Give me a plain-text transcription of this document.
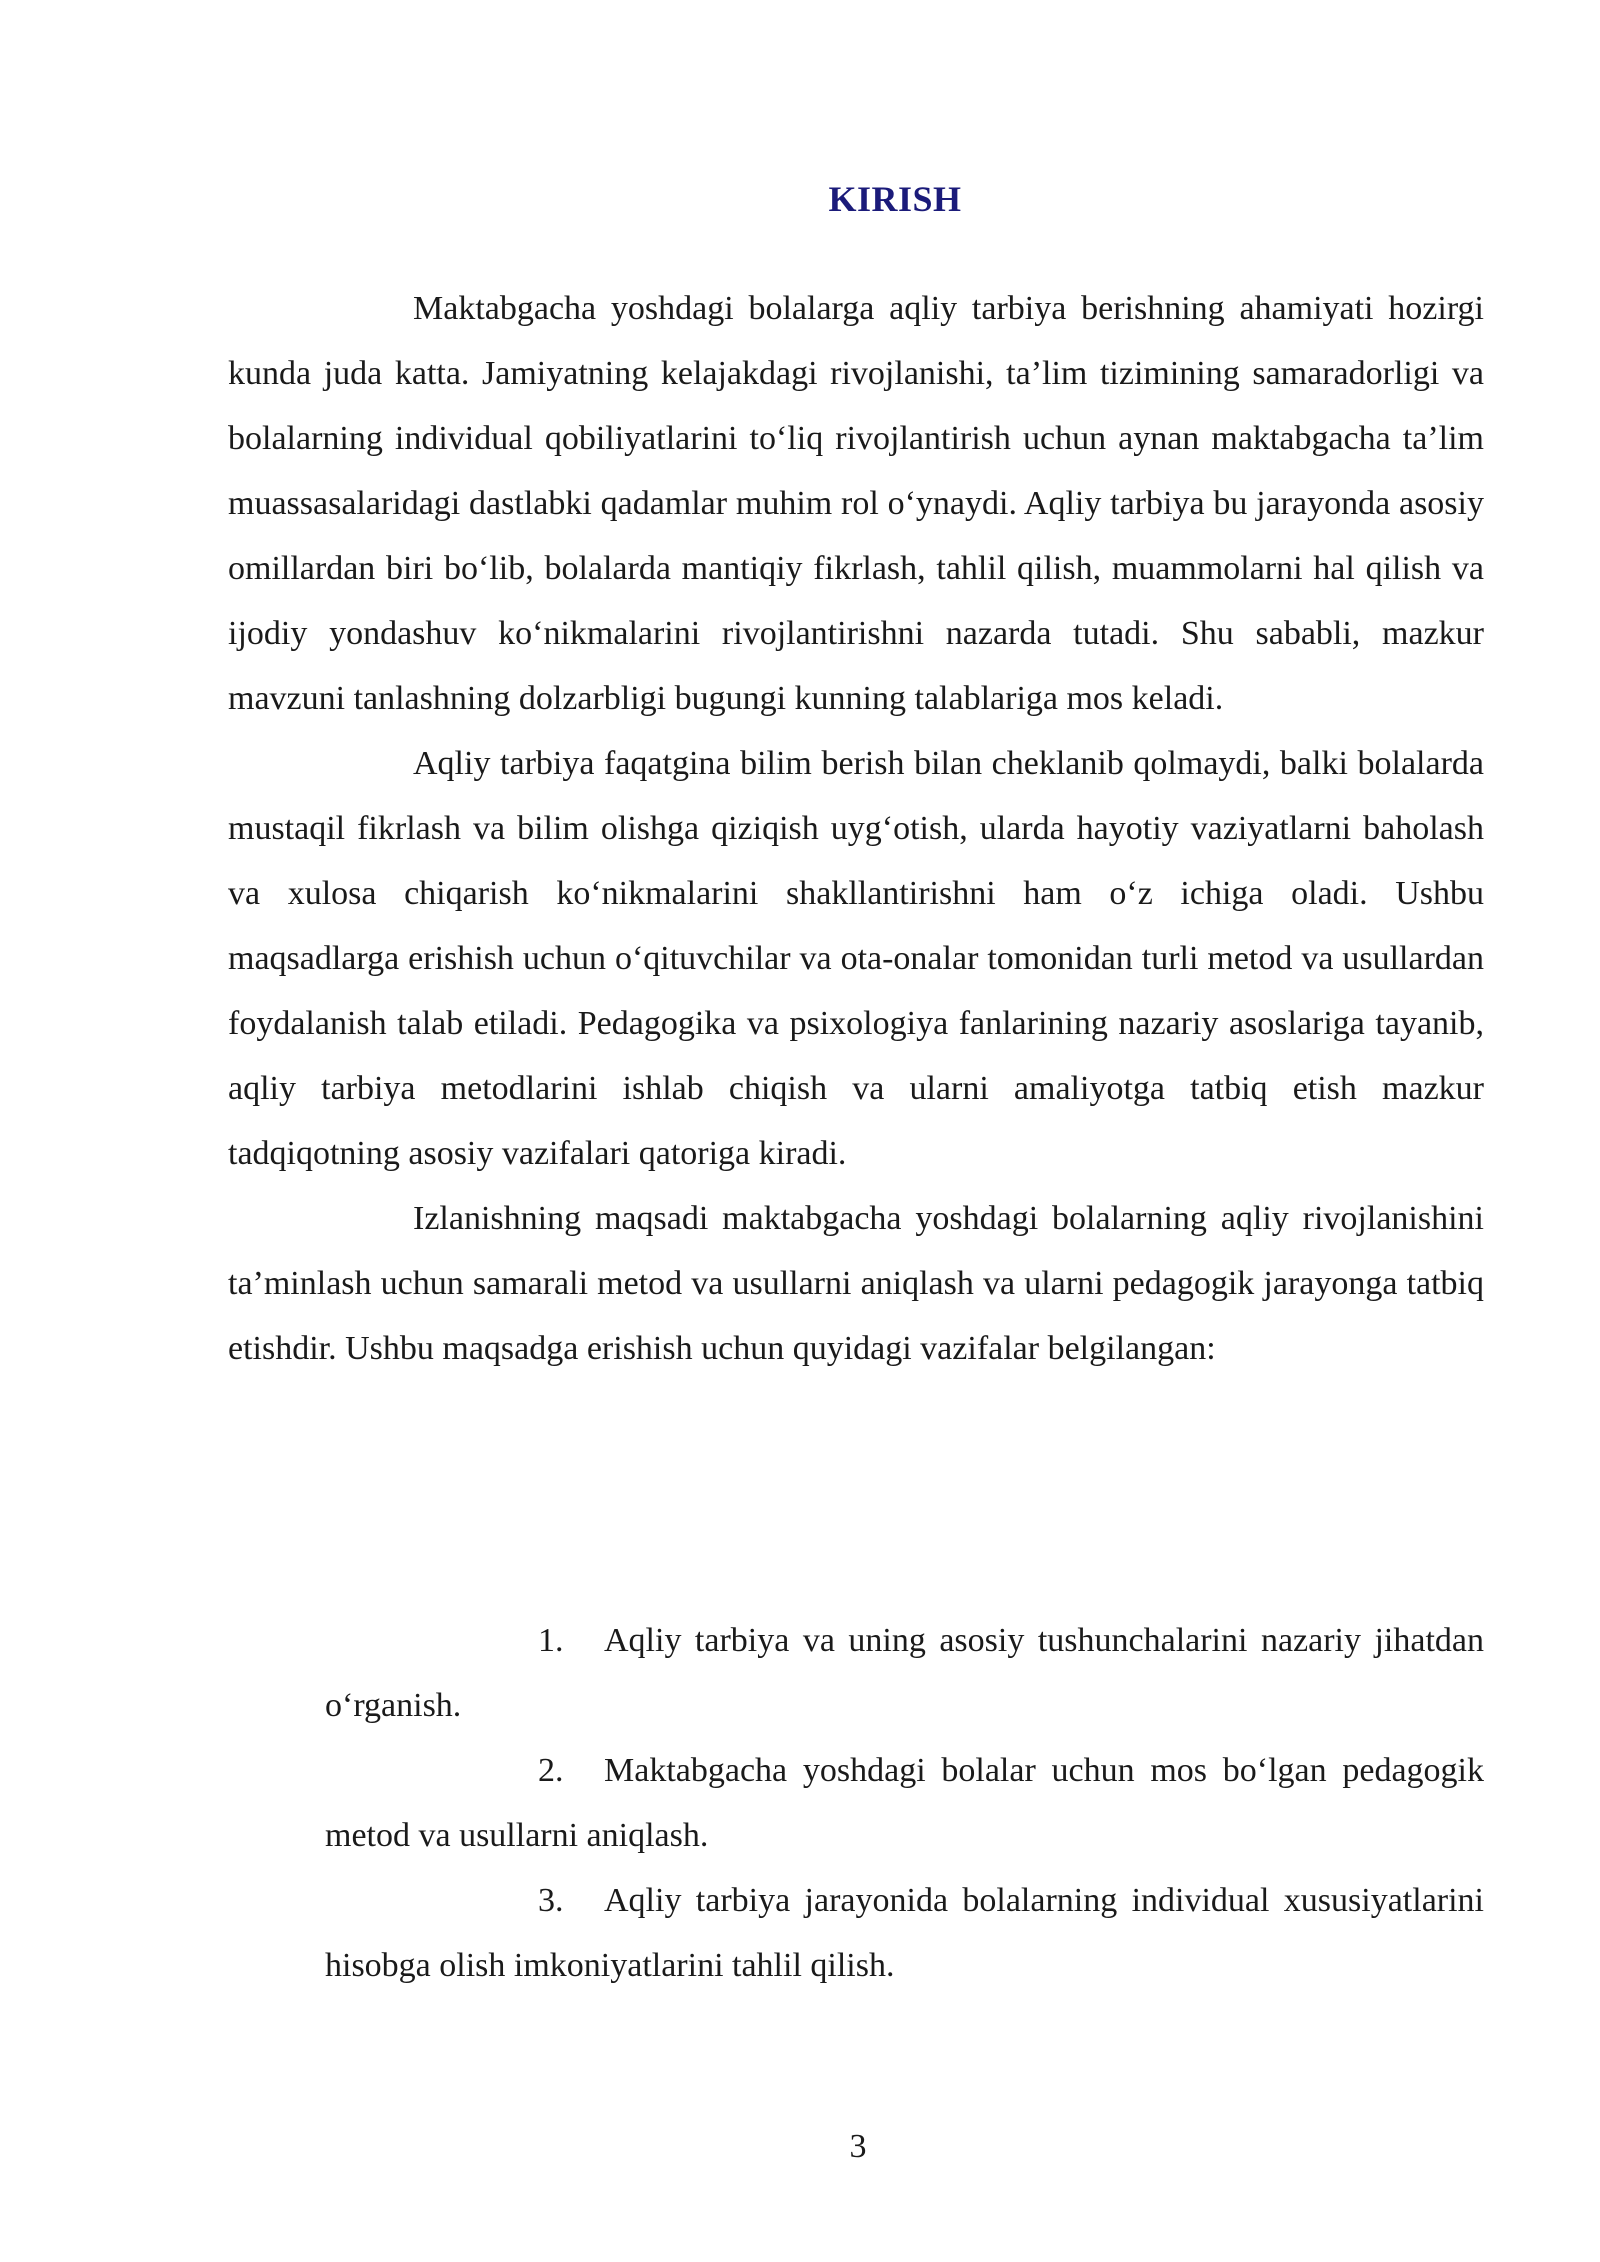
KIRISH

Maktabgacha yoshdagi bolalarga aqliy tarbiya berishning ahamiyati hozirgi kunda juda katta. Jamiyatning kelajakdagi rivojlanishi, ta’lim tizimining samaradorligi va bolalarning individual qobiliyatlarini to‘liq rivojlantirish uchun aynan maktabgacha ta’lim muassasalaridagi dastlabki qadamlar muhim rol o‘ynaydi. Aqliy tarbiya bu jarayonda asosiy omillardan biri bo‘lib, bolalarda mantiqiy fikrlash, tahlil qilish, muammolarni hal qilish va ijodiy yondashuv ko‘nikmalarini rivojlantirishni nazarda tutadi. Shu sababli, mazkur mavzuni tanlashning dolzarbligi bugungi kunning talablariga mos keladi.

Aqliy tarbiya faqatgina bilim berish bilan cheklanib qolmaydi, balki bolalarda mustaqil fikrlash va bilim olishga qiziqish uyg‘otish, ularda hayotiy vaziyatlarni baholash va xulosa chiqarish ko‘nikmalarini shakllantirishni ham o‘z ichiga oladi. Ushbu maqsadlarga erishish uchun o‘qituvchilar va ota-onalar tomonidan turli metod va usullardan foydalanish talab etiladi. Pedagogika va psixologiya fanlarining nazariy asoslariga tayanib, aqliy tarbiya metodlarini ishlab chiqish va ularni amaliyotga tatbiq etish mazkur tadqiqotning asosiy vazifalari qatoriga kiradi.

Izlanishning maqsadi maktabgacha yoshdagi bolalarning aqliy rivojlanishini ta’minlash uchun samarali metod va usullarni aniqlash va ularni pedagogik jarayonga tatbiq etishdir. Ushbu maqsadga erishish uchun quyidagi vazifalar belgilangan:

1. Aqliy tarbiya va uning asosiy tushunchalarini nazariy jihatdan o‘rganish.
2. Maktabgacha yoshdagi bolalar uchun mos bo‘lgan pedagogik metod va usullarni aniqlash.
3. Aqliy tarbiya jarayonida bolalarning individual xususiyatlarini hisobga olish imkoniyatlarini tahlil qilish.
3
